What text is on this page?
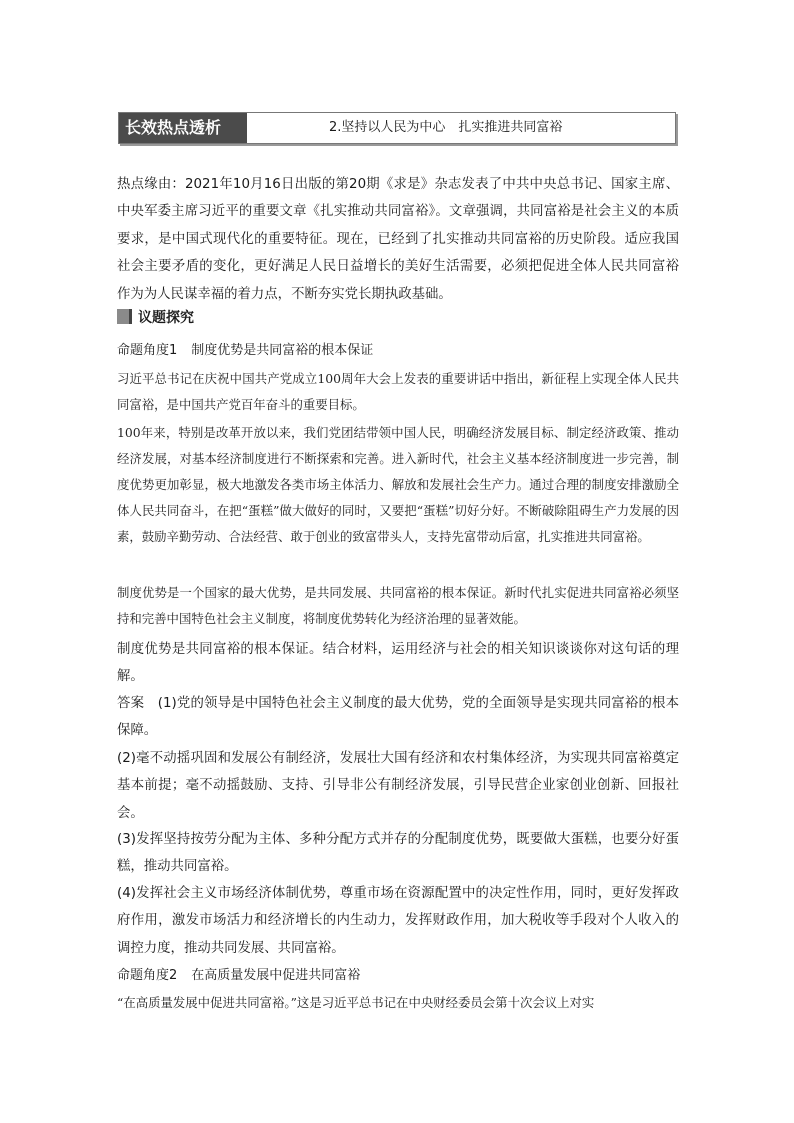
长效热点透析	2.坚持以人民为中心　扎实推进共同富裕

热点缘由：2021年10月16日出版的第20期《求是》杂志发表了中共中央总书记、国家主席、中央军委主席习近平的重要文章《扎实推动共同富裕》。文章强调，共同富裕是社会主义的本质要求，是中国式现代化的重要特征。现在，已经到了扎实推动共同富裕的历史阶段。适应我国社会主要矛盾的变化，更好满足人民日益增长的美好生活需要，必须把促进全体人民共同富裕作为为人民谋幸福的着力点，不断夯实党长期执政基础。

议题探究
命题角度1 制度优势是共同富裕的根本保证

习近平总书记在庆祝中国共产党成立100周年大会上发表的重要讲话中指出，新征程上实现全体人民共同富裕，是中国共产党百年奋斗的重要目标。

100年来，特别是改革开放以来，我们党团结带领中国人民，明确经济发展目标、制定经济政策、推动经济发展，对基本经济制度进行不断探索和完善。进入新时代，社会主义基本经济制度进一步完善，制度优势更加彰显，极大地激发各类市场主体活力、解放和发展社会生产力。通过合理的制度安排激励全体人民共同奋斗，在把“蛋糕”做大做好的同时，又要把“蛋糕”切好分好。不断破除阻碍生产力发展的因素，鼓励辛勤劳动、合法经营、敢于创业的致富带头人，支持先富带动后富，扎实推进共同富裕。

制度优势是一个国家的最大优势，是共同发展、共同富裕的根本保证。新时代扎实促进共同富裕必须坚持和完善中国特色社会主义制度，将制度优势转化为经济治理的显著效能。

制度优势是共同富裕的根本保证。结合材料，运用经济与社会的相关知识谈谈你对这句话的理解。

答案　 (1)党的领导是中国特色社会主义制度的最大优势，党的全面领导是实现共同富裕的根本保障。

(2)毫不动摇巩固和发展公有制经济，发展壮大国有经济和农村集体经济，为实现共同富裕奠定基本前提；毫不动摇鼓励、支持、引导非公有制经济发展，引导民营企业家创业创新、回报社会。

(3)发挥坚持按劳分配为主体、多种分配方式并存的分配制度优势，既要做大蛋糕，也要分好蛋糕，推动共同富裕。

(4)发挥社会主义市场经济体制优势，尊重市场在资源配置中的决定性作用，同时，更好发挥政府作用，激发市场活力和经济增长的内生动力，发挥财政作用，加大税收等手段对个人收入的调控力度，推动共同发展、共同富裕。

命题角度2 在高质量发展中促进共同富裕

“在高质量发展中促进共同富裕。”这是习近平总书记在中央财经委员会第十次会议上对实
